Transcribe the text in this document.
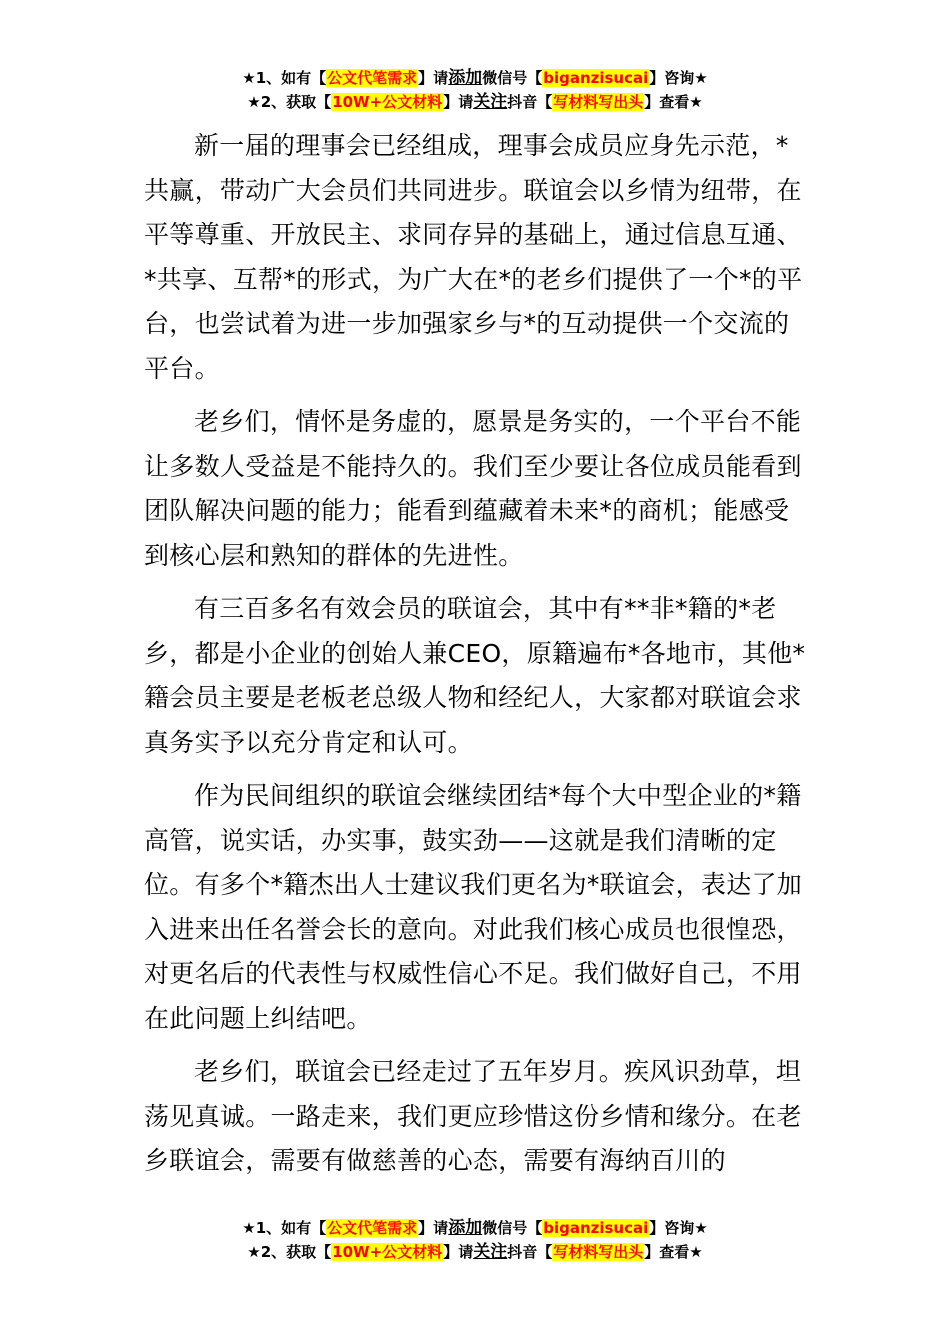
★1、如有【公文代笔需求】请添加微信号【biganzisucai】咨询★
★2、获取【10W+公文材料】请关注抖音【写材料写出头】查看★

新一届的理事会已经组成，理事会成员应身先示范，*共赢，带动广大会员们共同进步。联谊会以乡情为纽带，在平等尊重、开放民主、求同存异的基础上，通过信息互通、*共享、互帮*的形式，为广大在*的老乡们提供了一个*的平台，也尝试着为进一步加强家乡与*的互动提供一个交流的平台。

老乡们，情怀是务虚的，愿景是务实的，一个平台不能让多数人受益是不能持久的。我们至少要让各位成员能看到团队解决问题的能力；能看到蕴藏着未来*的商机；能感受到核心层和熟知的群体的先进性。

有三百多名有效会员的联谊会，其中有**非*籍的*老乡，都是小企业的创始人兼CEO，原籍遍布*各地市，其他*籍会员主要是老板老总级人物和经纪人，大家都对联谊会求真务实予以充分肯定和认可。

作为民间组织的联谊会继续团结*每个大中型企业的*籍高管，说实话，办实事，鼓实劲——这就是我们清晰的定位。有多个*籍杰出人士建议我们更名为*联谊会，表达了加入进来出任名誉会长的意向。对此我们核心成员也很惶恐，对更名后的代表性与权威性信心不足。我们做好自己，不用在此问题上纠结吧。

老乡们，联谊会已经走过了五年岁月。疾风识劲草，坦荡见真诚。一路走来，我们更应珍惜这份乡情和缘分。在老乡联谊会，需要有做慈善的心态，需要有海纳百川的

★1、如有【公文代笔需求】请添加微信号【biganzisucai】咨询★
★2、获取【10W+公文材料】请关注抖音【写材料写出头】查看★
